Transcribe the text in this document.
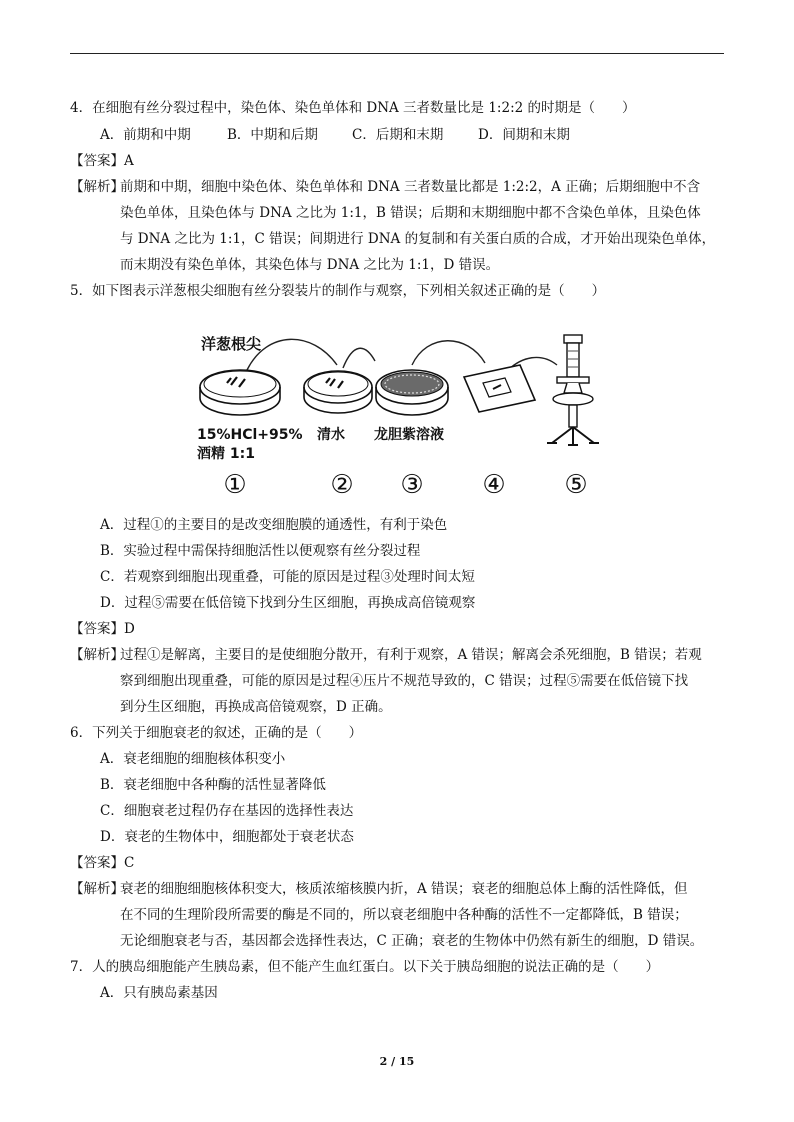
4．在细胞有丝分裂过程中，染色体、染色单体和 DNA 三者数量比是 1:2:2 的时期是（　　）
A．前期和中期	B．中期和后期	C．后期和末期	D．间期和末期
【答案】A
【解析】
前期和中期，细胞中染色体、染色单体和 DNA 三者数量比都是 1:2:2，A 正确；后期细胞中不含
染色单体，且染色体与 DNA 之比为 1:1，B 错误；后期和末期细胞中都不含染色单体，且染色体
与 DNA 之比为 1:1，C 错误；间期进行 DNA 的复制和有关蛋白质的合成，才开始出现染色单体，
而末期没有染色单体，其染色体与 DNA 之比为 1:1，D 错误。
5．如下图表示洋葱根尖细胞有丝分裂装片的制作与观察，下列相关叙述正确的是（　　）
洋葱根尖
15%HCl+95%
酒精 1:1
清水 龙胆紫溶液
①	② ③ ④ ⑤
A．过程①的主要目的是改变细胞膜的通透性，有利于染色
B．实验过程中需保持细胞活性以便观察有丝分裂过程
C．若观察到细胞出现重叠，可能的原因是过程③处理时间太短
D．过程⑤需要在低倍镜下找到分生区细胞，再换成高倍镜观察
【答案】D
【解析】
过程①是解离，主要目的是使细胞分散开，有利于观察，A 错误；解离会杀死细胞，B 错误；若观
察到细胞出现重叠，可能的原因是过程④压片不规范导致的，C 错误；过程⑤需要在低倍镜下找
到分生区细胞，再换成高倍镜观察，D 正确。
6．下列关于细胞衰老的叙述，正确的是（　　）
A．衰老细胞的细胞核体积变小
B．衰老细胞中各种酶的活性显著降低
C．细胞衰老过程仍存在基因的选择性表达
D．衰老的生物体中，细胞都处于衰老状态
【答案】C
【解析】
衰老的细胞细胞核体积变大，核质浓缩核膜内折，A 错误；衰老的细胞总体上酶的活性降低，但
在不同的生理阶段所需要的酶是不同的，所以衰老细胞中各种酶的活性不一定都降低，B 错误；
无论细胞衰老与否，基因都会选择性表达，C 正确；衰老的生物体中仍然有新生的细胞，D 错误。
7．人的胰岛细胞能产生胰岛素，但不能产生血红蛋白。以下关于胰岛细胞的说法正确的是（　　）
A．只有胰岛素基因
2 / 15
